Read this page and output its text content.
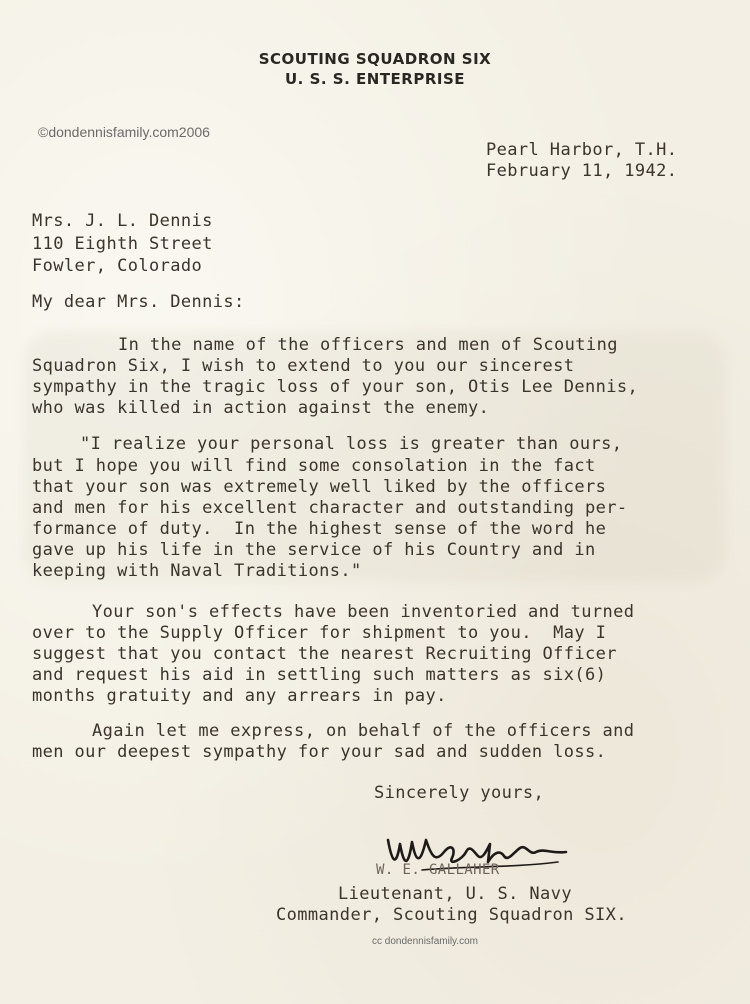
SCOUTING SQUADRON SIX
U. S. S. ENTERPRISE
©dondennisfamily.com2006
Pearl Harbor, T.H.
February 11, 1942.
Mrs. J. L. Dennis
110 Eighth Street
Fowler, Colorado
My dear Mrs. Dennis:
In the name of the officers and men of Scouting
Squadron Six, I wish to extend to you our sincerest
sympathy in the tragic loss of your son, Otis Lee Dennis,
who was killed in action against the enemy.
"I realize your personal loss is greater than ours,
but I hope you will find some consolation in the fact
that your son was extremely well liked by the officers
and men for his excellent character and outstanding per-
formance of duty.  In the highest sense of the word he
gave up his life in the service of his Country and in
keeping with Naval Traditions."
Your son's effects have been inventoried and turned
over to the Supply Officer for shipment to you.  May I
suggest that you contact the nearest Recruiting Officer
and request his aid in settling such matters as six(6)
months gratuity and any arrears in pay.
Again let me express, on behalf of the officers and
men our deepest sympathy for your sad and sudden loss.
Sincerely yours,
W. E. GALLAHER
Lieutenant, U. S. Navy
Commander, Scouting Squadron SIX.
cc dondennisfamily.com
